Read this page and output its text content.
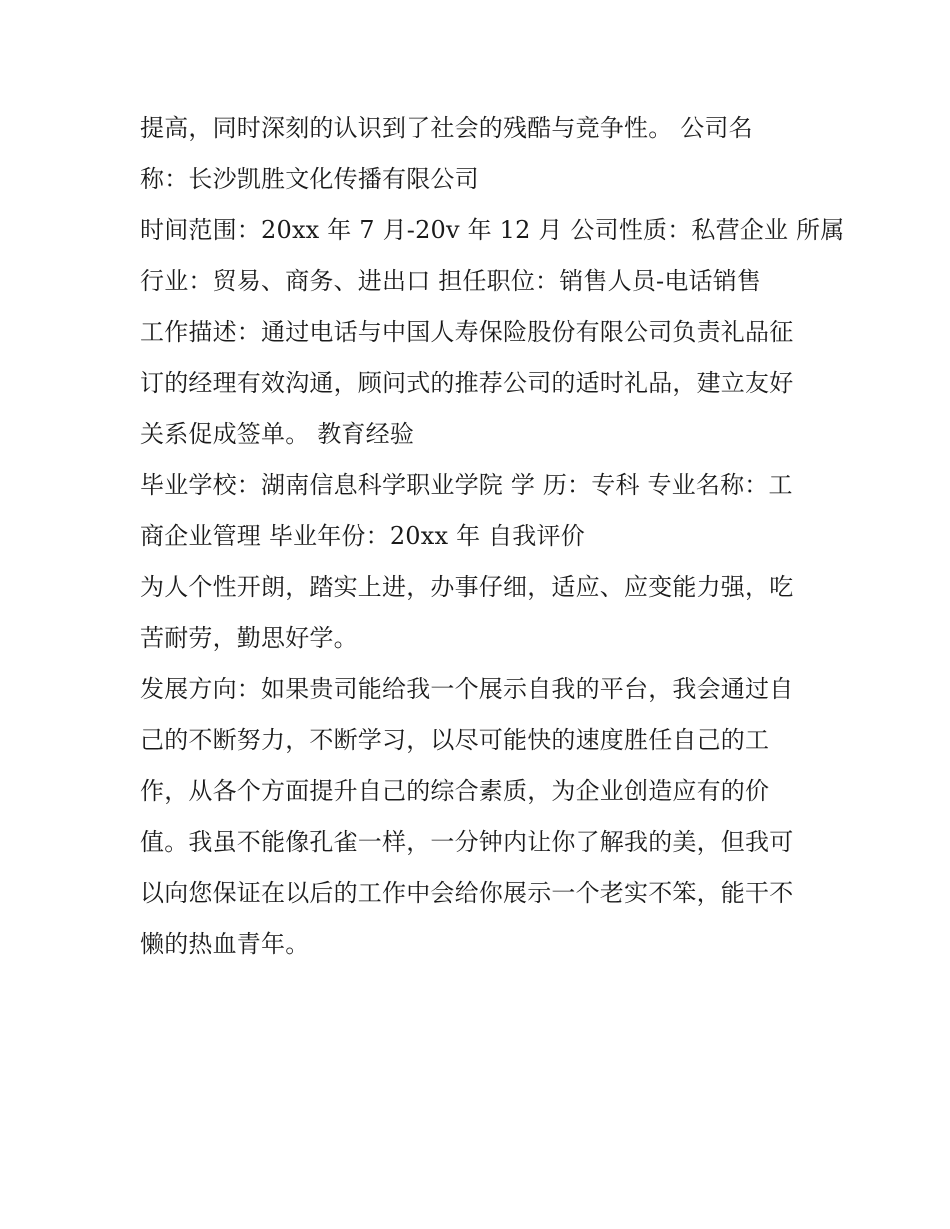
提高，同时深刻的认识到了社会的残酷与竞争性。 公司名
称：长沙凯胜文化传播有限公司
时间范围：20xx 年 7 月-20v 年 12 月 公司性质：私营企业 所属
行业：贸易、商务、进出口 担任职位：销售人员-电话销售
工作描述：通过电话与中国人寿保险股份有限公司负责礼品征
订的经理有效沟通，顾问式的推荐公司的适时礼品，建立友好
关系促成签单。 教育经验
毕业学校：湖南信息科学职业学院 学 历：专科 专业名称：工
商企业管理 毕业年份：20xx 年 自我评价
为人个性开朗，踏实上进，办事仔细，适应、应变能力强，吃
苦耐劳，勤思好学。
发展方向：如果贵司能给我一个展示自我的平台，我会通过自
己的不断努力，不断学习，以尽可能快的速度胜任自己的工
作，从各个方面提升自己的综合素质，为企业创造应有的价
值。我虽不能像孔雀一样，一分钟内让你了解我的美，但我可
以向您保证在以后的工作中会给你展示一个老实不笨，能干不
懒的热血青年。
